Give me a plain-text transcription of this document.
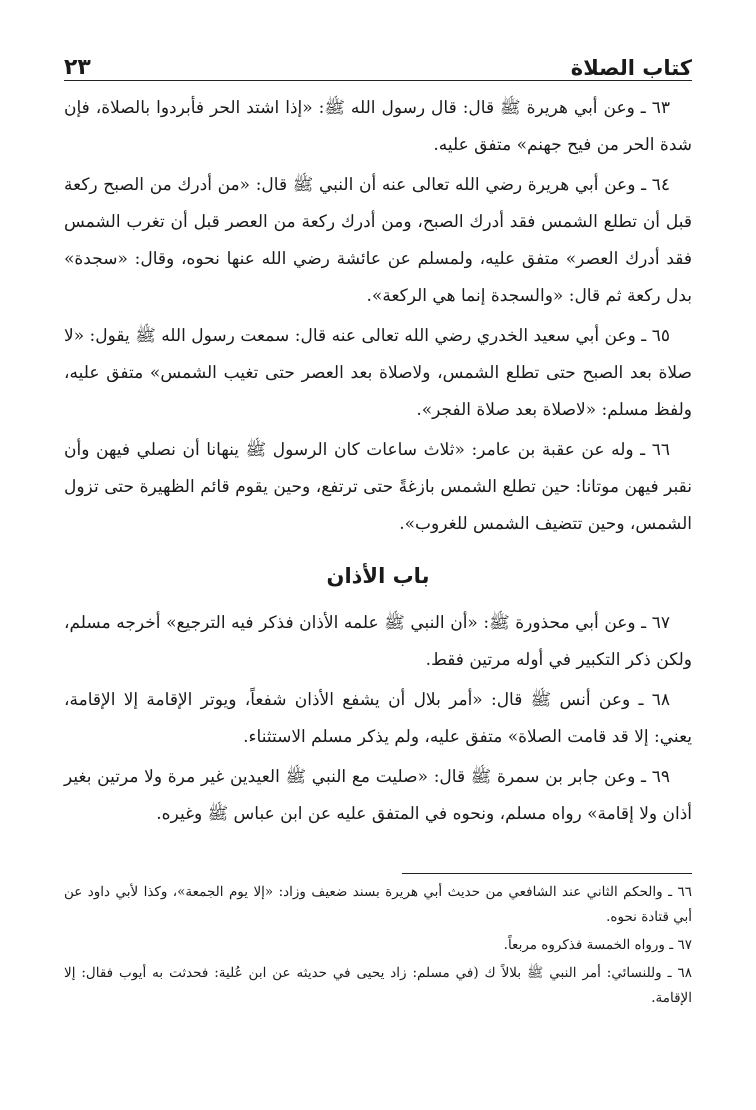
كتاب الصلاة
٢٣

٦٣ ـ وعن أبي هريرة ﷺ قال: قال رسول الله ﷺ: «إذا اشتد الحر فأبردوا بالصلاة، فإن شدة الحر من فيح جهنم» متفق عليه.

٦٤ ـ وعن أبي هريرة رضي الله تعالى عنه أن النبي ﷺ قال: «من أدرك من الصبح ركعة قبل أن تطلع الشمس فقد أدرك الصبح، ومن أدرك ركعة من العصر قبل أن تغرب الشمس فقد أدرك العصر» متفق عليه، ولمسلم عن عائشة رضي الله عنها نحوه، وقال: «سجدة» بدل ركعة ثم قال: «والسجدة إنما هي الركعة».

٦٥ ـ وعن أبي سعيد الخدري رضي الله تعالى عنه قال: سمعت رسول الله ﷺ يقول: «لا صلاة بعد الصبح حتى تطلع الشمس، ولاصلاة بعد العصر حتى تغيب الشمس» متفق عليه، ولفظ مسلم: «لاصلاة بعد صلاة الفجر».

٦٦ ـ وله عن عقبة بن عامر: «ثلاث ساعات كان الرسول ﷺ ينهانا أن نصلي فيهن وأن نقبر فيهن موتانا: حين تطلع الشمس بازغةً حتى ترتفع، وحين يقوم قائم الظهيرة حتى تزول الشمس، وحين تتضيف الشمس للغروب».

باب الأذان

٦٧ ـ وعن أبي محذورة ﷺ: «أن النبي ﷺ علمه الأذان فذكر فيه الترجيع» أخرجه مسلم، ولكن ذكر التكبير في أوله مرتين فقط.

٦٨ ـ وعن أنس ﷺ قال: «أمر بلال أن يشفع الأذان شفعاً، ويوتر الإقامة إلا الإقامة، يعني: إلا قد قامت الصلاة» متفق عليه، ولم يذكر مسلم الاستثناء.

٦٩ ـ وعن جابر بن سمرة ﷺ قال: «صليت مع النبي ﷺ العيدين غير مرة ولا مرتين بغير أذان ولا إقامة» رواه مسلم، ونحوه في المتفق عليه عن ابن عباس ﷺ وغيره.

٦٦ ـ والحكم الثاني عند الشافعي من حديث أبي هريرة بسند ضعيف وزاد: «إلا يوم الجمعة»، وكذا لأبي داود عن أبي قتادة نحوه.

٦٧ ـ ورواه الخمسة فذكروه مربعاً.

٦٨ ـ وللنسائي: أمر النبي ﷺ بلالاً ك (في مسلم: زاد يحيى في حديثه عن ابن عُلية: فحدثت به أيوب فقال: إلا الإقامة.
